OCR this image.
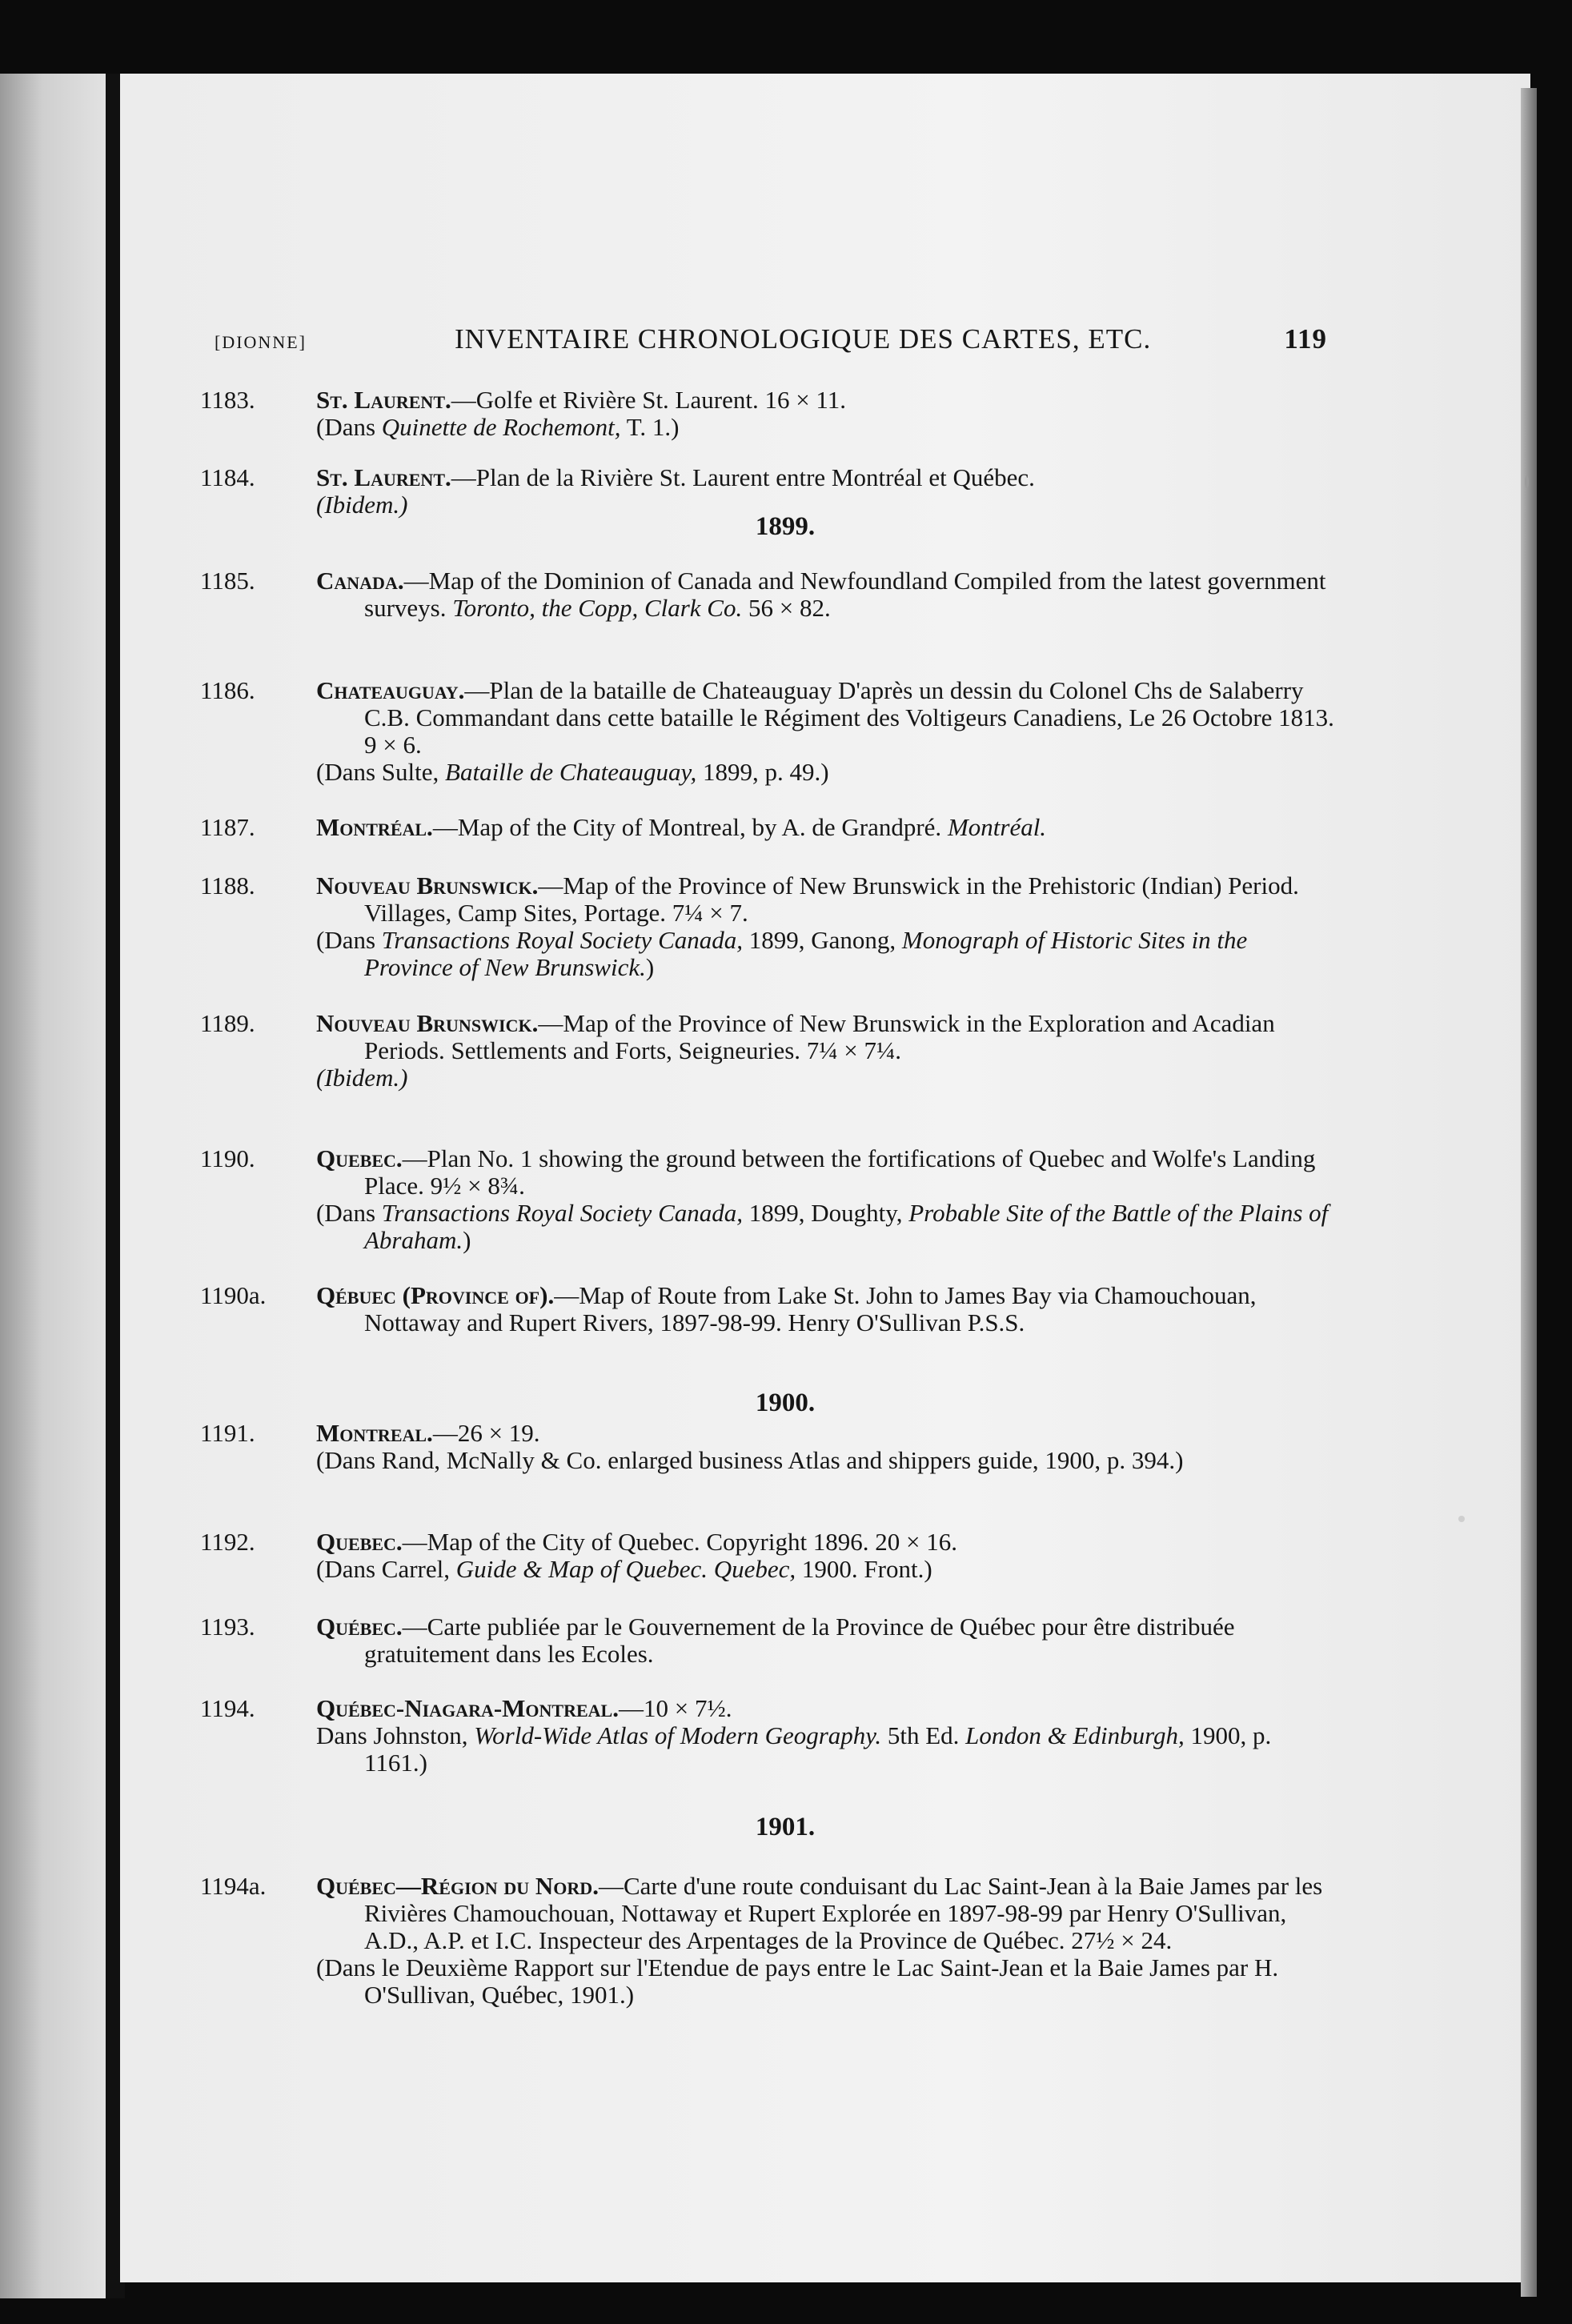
[DIONNE]	INVENTAIRE CHRONOLOGIQUE DES CARTES, ETC.	119
1183.	St. Laurent.—Golfe et Rivière St. Laurent. 16 × 11.

(Dans Quinette de Rochemont, T. 1.)

1184.	St. Laurent.—Plan de la Rivière St. Laurent entre Montréal et Québec.

(Ibidem.)

1899.
1185.	Canada.—Map of the Dominion of Canada and Newfoundland Compiled from the latest government surveys. Toronto, the Copp, Clark Co. 56 × 82.

1186.	Chateauguay.—Plan de la bataille de Chateauguay D'après un dessin du Colonel Chs de Salaberry C.B. Commandant dans cette bataille le Régiment des Voltigeurs Canadiens, Le 26 Octobre 1813. 9 × 6.

(Dans Sulte, Bataille de Chateauguay, 1899, p. 49.)

1187.	Montréal.—Map of the City of Montreal, by A. de Grandpré. Montréal.

1188.	Nouveau Brunswick.—Map of the Province of New Brunswick in the Prehistoric (Indian) Period. Villages, Camp Sites, Portage. 7¼ × 7.

(Dans Transactions Royal Society Canada, 1899, Ganong, Monograph of Historic Sites in the Province of New Brunswick.)

1189.	Nouveau Brunswick.—Map of the Province of New Brunswick in the Exploration and Acadian Periods. Settlements and Forts, Seigneuries. 7¼ × 7¼.

(Ibidem.)

1190.	Quebec.—Plan No. 1 showing the ground between the fortifications of Quebec and Wolfe's Landing Place. 9½ × 8¾.

(Dans Transactions Royal Society Canada, 1899, Doughty, Probable Site of the Battle of the Plains of Abraham.)

1190a.	Qébuec (Province of).—Map of Route from Lake St. John to James Bay via Chamouchouan, Nottaway and Rupert Rivers, 1897-98-99. Henry O'Sullivan P.S.S.

1900.
1191.	Montreal.—26 × 19.

(Dans Rand, McNally & Co. enlarged business Atlas and shippers guide, 1900, p. 394.)

1192.	Quebec.—Map of the City of Quebec. Copyright 1896. 20 × 16.

(Dans Carrel, Guide & Map of Quebec. Quebec, 1900. Front.)

1193.	Québec.—Carte publiée par le Gouvernement de la Province de Québec pour être distribuée gratuitement dans les Ecoles.

1194.	Québec-Niagara-Montreal.—10 × 7½.

Dans Johnston, World-Wide Atlas of Modern Geography. 5th Ed. London & Edinburgh, 1900, p. 1161.)

1901.
1194a.	Québec—Région du Nord.—Carte d'une route conduisant du Lac Saint-Jean à la Baie James par les Rivières Chamouchouan, Nottaway et Rupert Explorée en 1897-98-99 par Henry O'Sullivan, A.D., A.P. et I.C. Inspecteur des Arpentages de la Province de Québec. 27½ × 24.

(Dans le Deuxième Rapport sur l'Etendue de pays entre le Lac Saint-Jean et la Baie James par H. O'Sullivan, Québec, 1901.)
